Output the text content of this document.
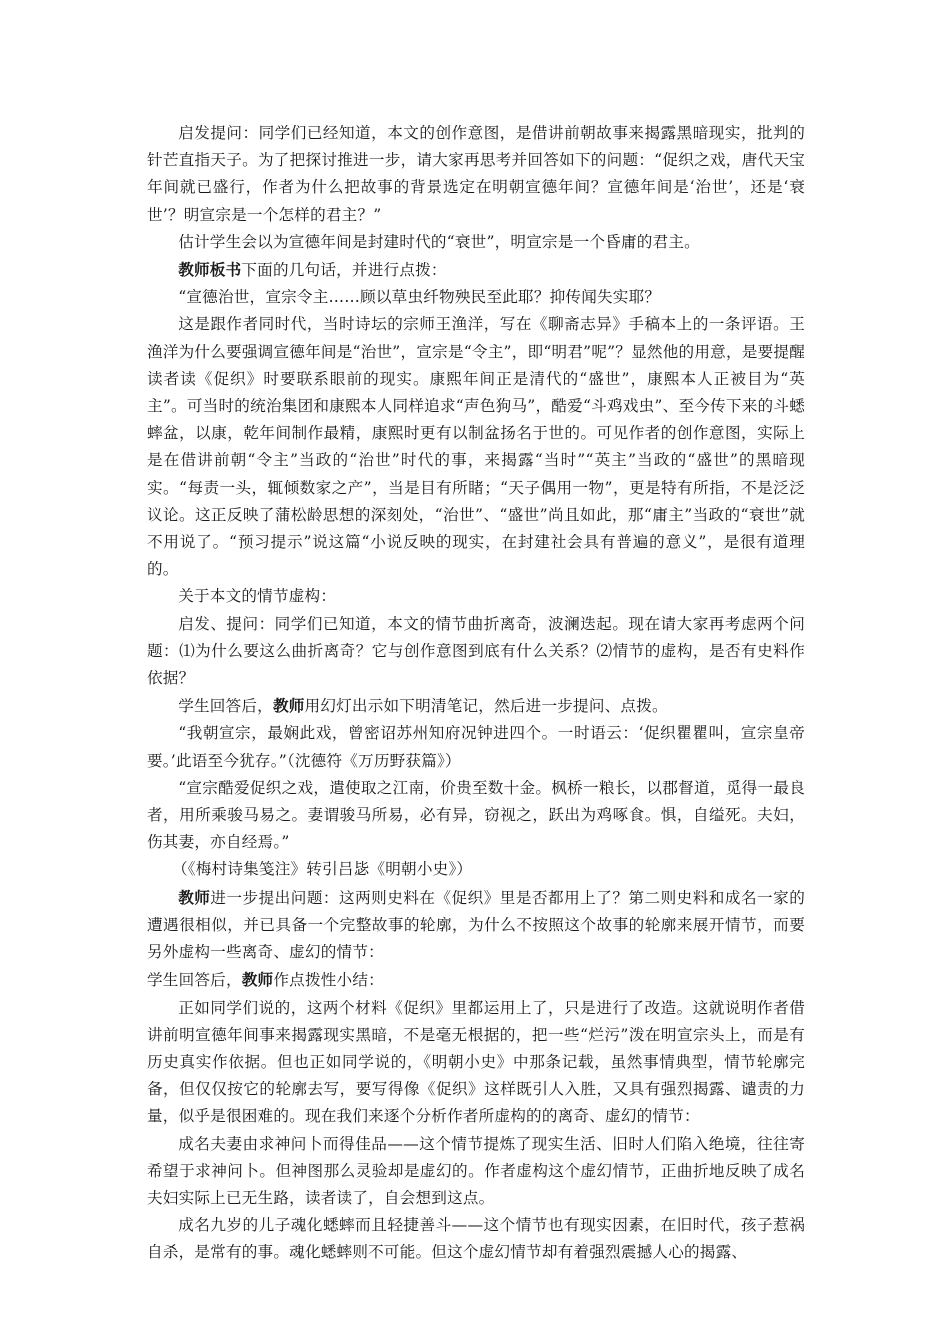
启发提问：同学们已经知道，本文的创作意图，是借讲前朝故事来揭露黑暗现实，批判的针芒直指天子。为了把探讨推进一步，请大家再思考并回答如下的问题：“促织之戏，唐代天宝年间就已盛行，作者为什么把故事的背景选定在明朝宣德年间？宣德年间是‘治世’，还是‘衰世’？明宣宗是一个怎样的君主？”

估计学生会以为宣德年间是封建时代的“衰世”，明宣宗是一个昏庸的君主。

教师板书下面的几句话，并进行点拨：

“宣德治世，宣宗令主……顾以草虫纤物殃民至此耶？抑传闻失实耶？

这是跟作者同时代，当时诗坛的宗师王渔洋，写在《聊斋志异》手稿本上的一条评语。王渔洋为什么要强调宣德年间是“治世”，宣宗是“令主”，即“明君”呢”？显然他的用意，是要提醒读者读《促织》时要联系眼前的现实。康熙年间正是清代的“盛世”，康熙本人正被目为“英主”。可当时的统治集团和康熙本人同样追求“声色狗马”，酷爱“斗鸡戏虫”、至今传下来的斗蟋蟀盆，以康，乾年间制作最精，康熙时更有以制盆扬名于世的。可见作者的创作意图，实际上是在借讲前朝“令主”当政的“治世”时代的事，来揭露“当时”“英主”当政的“盛世”的黑暗现实。“每责一头，辄倾数家之产”，当是目有所睹；“天子偶用一物”，更是特有所指，不是泛泛议论。这正反映了蒲松龄思想的深刻处，“治世”、“盛世”尚且如此，那“庸主”当政的“衰世”就不用说了。“预习提示”说这篇“小说反映的现实，在封建社会具有普遍的意义”，是很有道理的。

关于本文的情节虚构：

启发、提问：同学们已知道，本文的情节曲折离奇，波澜迭起。现在请大家再考虑两个问题：⑴为什么要这么曲折离奇？它与创作意图到底有什么关系？⑵情节的虚构，是否有史料作依据？

学生回答后，教师用幻灯出示如下明清笔记，然后进一步提问、点拨。

“我朝宣宗，最娴此戏，曾密诏苏州知府况钟进四个。一时语云：‘促织瞿瞿叫，宣宗皇帝要。’此语至今犹存。”（沈德符《万历野获篇》）

“宣宗酷爱促织之戏，遣使取之江南，价贵至数十金。枫桥一粮长，以郡督道，觅得一最良者，用所乘骏马易之。妻谓骏马所易，必有异，窃视之，跃出为鸡啄食。惧，自缢死。夫妇，伤其妻，亦自经焉。”

（《梅村诗集笺注》转引吕毖《明朝小史》）

教师进一步提出问题：这两则史料在《促织》里是否都用上了？第二则史料和成名一家的遭遇很相似，并已具备一个完整故事的轮廓，为什么不按照这个故事的轮廓来展开情节，而要另外虚构一些离奇、虚幻的情节：

学生回答后，教师作点拨性小结：

正如同学们说的，这两个材料《促织》里都运用上了，只是进行了改造。这就说明作者借讲前明宣德年间事来揭露现实黑暗，不是毫无根据的，把一些“烂污”泼在明宣宗头上，而是有历史真实作依据。但也正如同学说的，《明朝小史》中那条记载，虽然事情典型，情节轮廓完备，但仅仅按它的轮廓去写，要写得像《促织》这样既引人入胜，又具有强烈揭露、谴责的力量，似乎是很困难的。现在我们来逐个分析作者所虚构的的离奇、虚幻的情节：

成名夫妻由求神问卜而得佳品——这个情节提炼了现实生活、旧时人们陷入绝境，往往寄希望于求神问卜。但神图那么灵验却是虚幻的。作者虚构这个虚幻情节，正曲折地反映了成名夫妇实际上已无生路，读者读了，自会想到这点。

成名九岁的儿子魂化蟋蟀而且轻捷善斗——这个情节也有现实因素，在旧时代，孩子惹祸自杀，是常有的事。魂化蟋蟀则不可能。但这个虚幻情节却有着强烈震撼人心的揭露、
